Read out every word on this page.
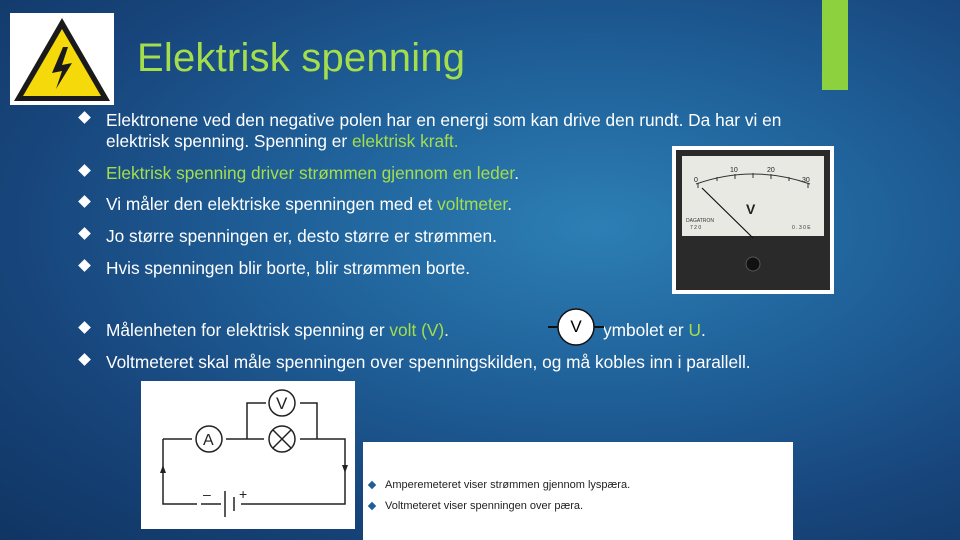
Elektrisk spenning
Elektronene ved den negative polen har en energi som kan drive den rundt. Da har vi en
elektrisk spenning. Spenning er elektrisk kraft.
Elektrisk spenning driver strømmen gjennom en leder.
Vi måler den elektriske spenningen med et voltmeter.
Jo større spenningen er, desto større er strømmen.
Hvis spenningen blir borte, blir strømmen borte.
Målenheten for elektrisk spenning er volt (V).	ymbolet er U.
Voltmeteret skal måle spenningen over spenningskilden, og må kobles inn i parallell.
V
0
10	20
30
V
DAGATRON
7 2 0	0 . 3 0 E
V
A
– +
Amperemeteret viser strømmen gjennom lyspæra.
Voltmeteret viser spenningen over pæra.
